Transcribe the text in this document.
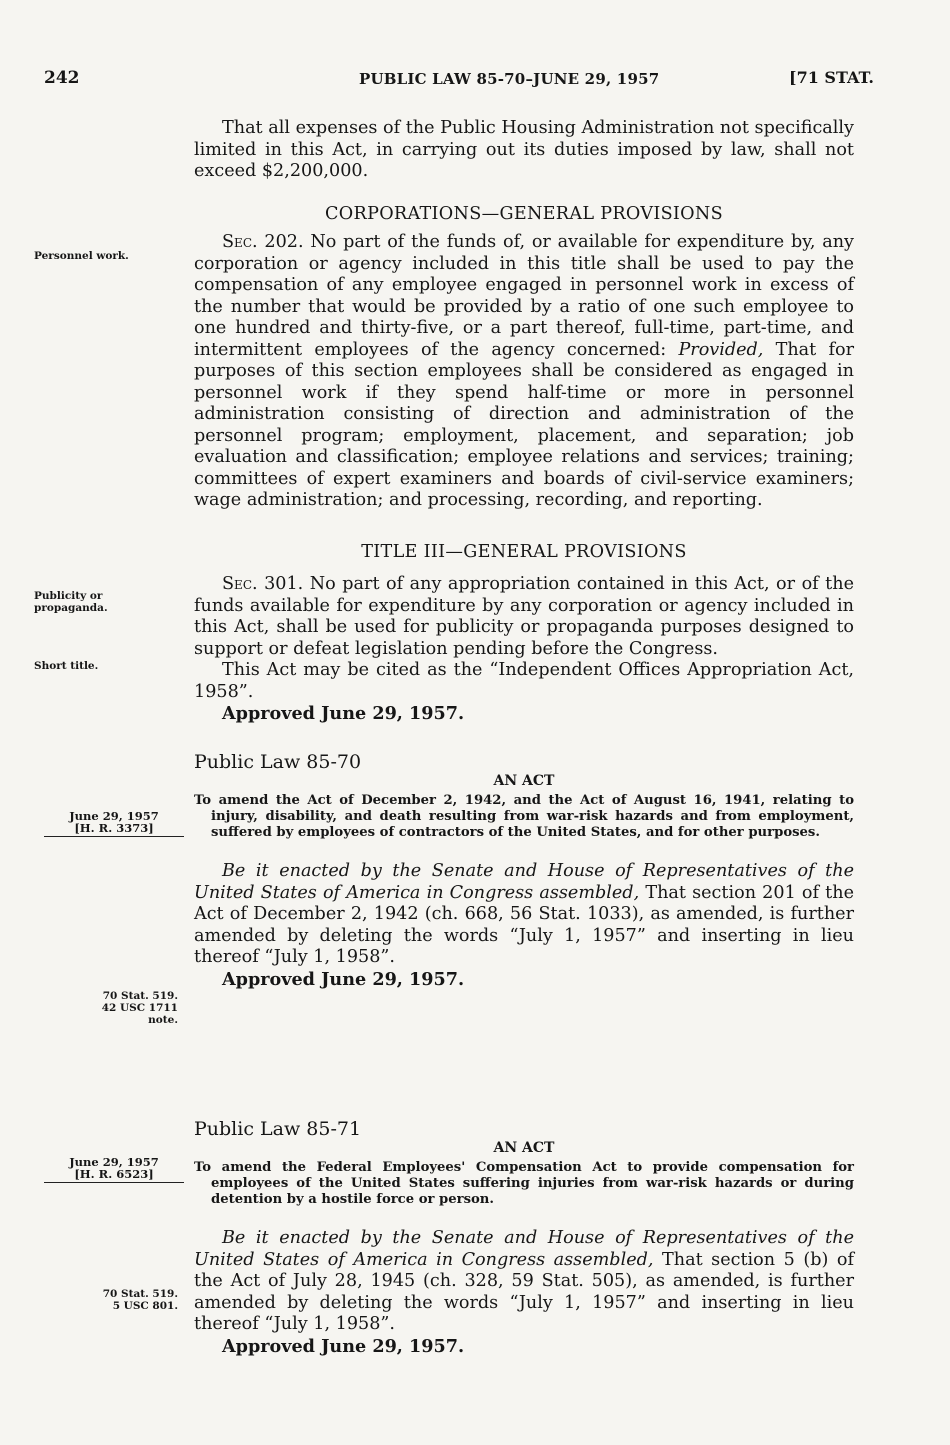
242	PUBLIC LAW 85-70–JUNE 29, 1957	[71 STAT.

That all expenses of the Public Housing Administration not specifically limited in this Act, in carrying out its duties imposed by law, shall not exceed $2,200,000.

CORPORATIONS—GENERAL PROVISIONS

Sec. 202. No part of the funds of, or available for expenditure by, any corporation or agency included in this title shall be used to pay the compensation of any employee engaged in personnel work in excess of the number that would be provided by a ratio of one such employee to one hundred and thirty-five, or a part thereof, full-time, part-time, and intermittent employees of the agency concerned: Provided, That for purposes of this section employees shall be considered as engaged in personnel work if they spend half-time or more in personnel administration consisting of direction and administration of the personnel program; employment, placement, and separation; job evaluation and classification; employee relations and services; training; committees of expert examiners and boards of civil-service examiners; wage administration; and processing, recording, and reporting.

Personnel work.
TITLE III—GENERAL PROVISIONS

Sec. 301. No part of any appropriation contained in this Act, or of the funds available for expenditure by any corporation or agency included in this Act, shall be used for publicity or propaganda purposes designed to support or defeat legislation pending before the Congress.

This Act may be cited as the “Independent Offices Appropriation Act, 1958”.

Approved June 29, 1957.
Publicity or
propaganda.
Short title.
Public Law 85-70
AN ACT
To amend the Act of December 2, 1942, and the Act of August 16, 1941, relating to injury, disability, and death resulting from war-risk hazards and from employment, suffered by employees of contractors of the United States, and for other purposes.

Be it enacted by the Senate and House of Representatives of the United States of America in Congress assembled, That section 201 of the Act of December 2, 1942 (ch. 668, 56 Stat. 1033), as amended, is further amended by deleting the words “July 1, 1957” and inserting in lieu thereof “July 1, 1958”.

Approved June 29, 1957.
June 29, 1957
[H. R. 3373]
70 Stat. 519.
42 USC 1711
note.
Public Law 85-71
AN ACT
To amend the Federal Employees' Compensation Act to provide compensation for employees of the United States suffering injuries from war-risk hazards or during detention by a hostile force or person.

Be it enacted by the Senate and House of Representatives of the United States of America in Congress assembled, That section 5 (b) of the Act of July 28, 1945 (ch. 328, 59 Stat. 505), as amended, is further amended by deleting the words “July 1, 1957” and inserting in lieu thereof “July 1, 1958”.

Approved June 29, 1957.
June 29, 1957
[H. R. 6523]
70 Stat. 519.
5 USC 801.
